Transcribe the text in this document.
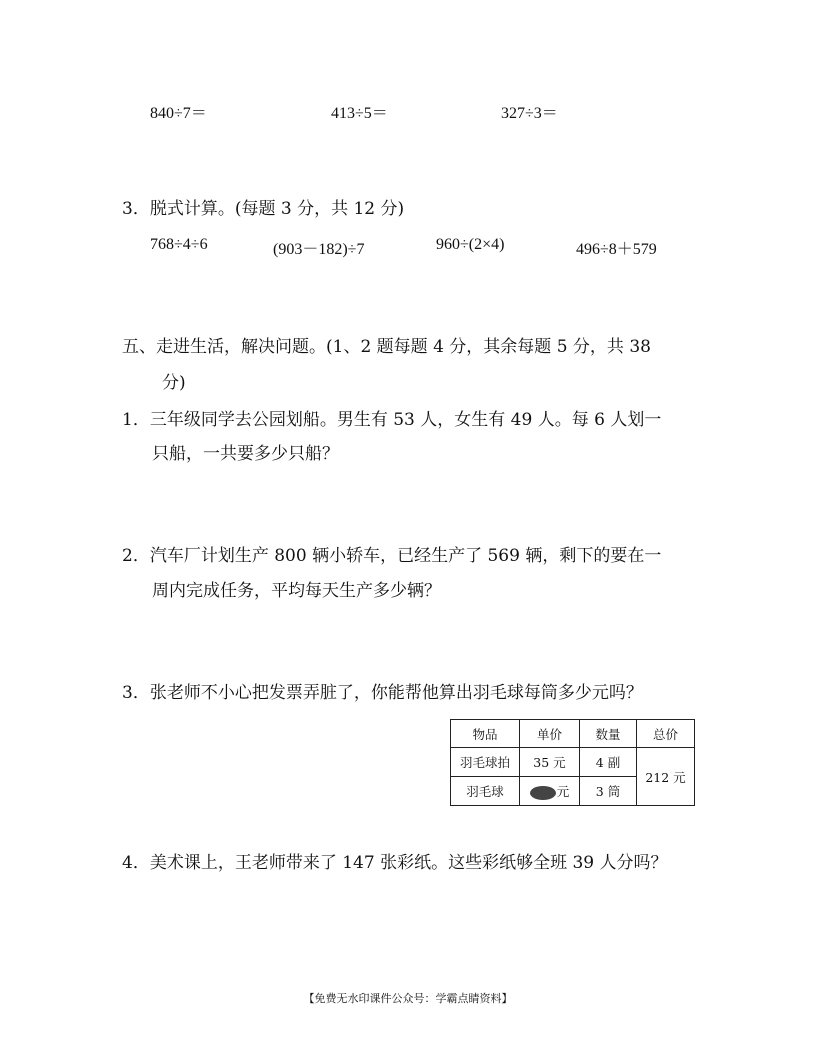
840÷7＝	413÷5＝	327÷3＝
3．脱式计算。(每题 3 分，共 12 分)
768÷4÷6	(903－182)÷7	960÷(2×4)	496÷8＋579
五、走进生活，解决问题。(1、2 题每题 4 分，其余每题 5 分，共 38
分)
1．三年级同学去公园划船。男生有 53 人，女生有 49 人。每 6 人划一
只船，一共要多少只船？
2．汽车厂计划生产 800 辆小轿车，已经生产了 569 辆，剩下的要在一
周内完成任务，平均每天生产多少辆？
3．张老师不小心把发票弄脏了，你能帮他算出羽毛球每筒多少元吗？
物品	单价	数量	总价
羽毛球拍	35 元	4 副	212 元
羽毛球	元	3 筒	
4．美术课上，王老师带来了 147 张彩纸。这些彩纸够全班 39 人分吗？
【免费无水印课件公众号：学霸点睛资料】
